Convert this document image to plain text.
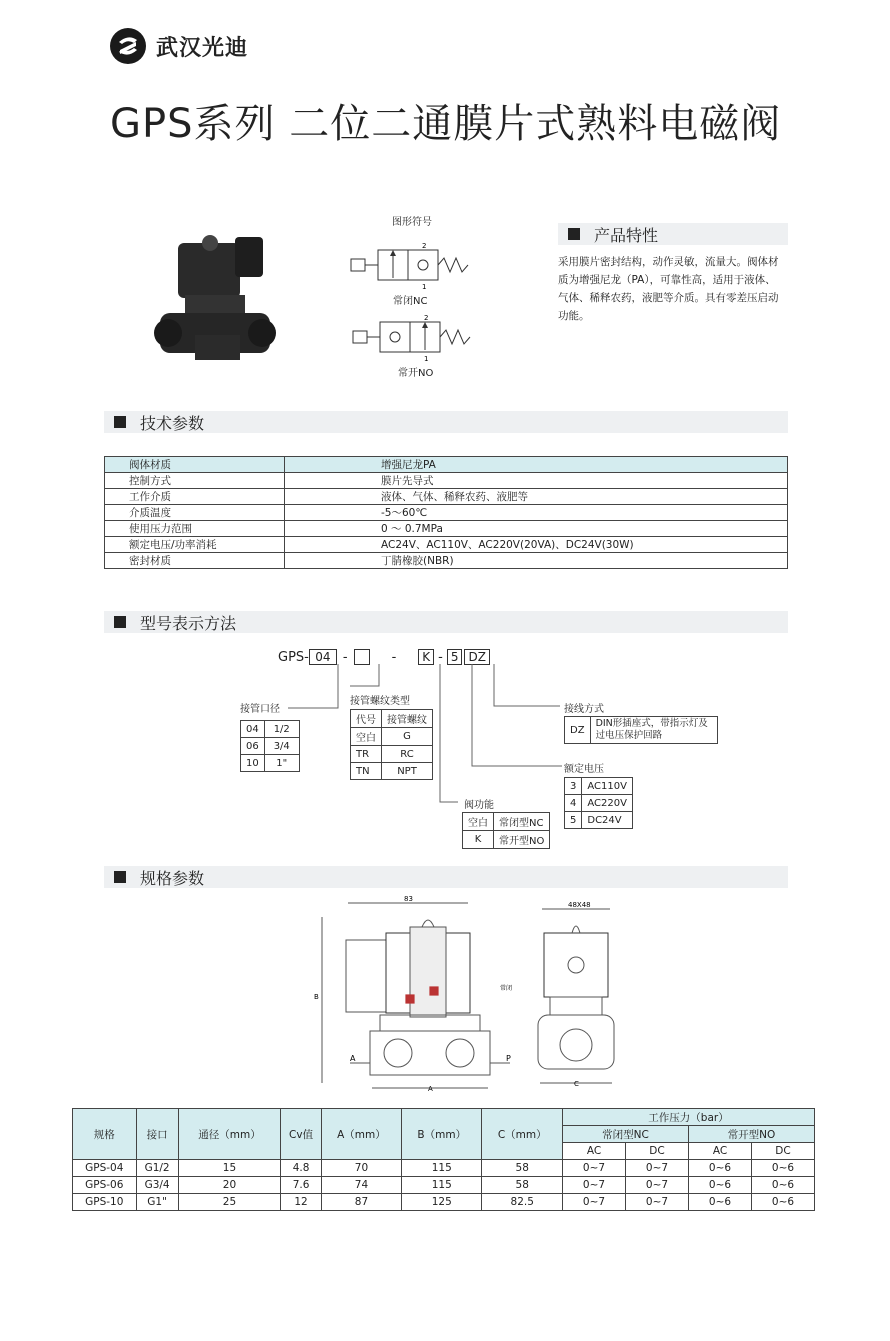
武汉光迪
GPS系列 二位二通膜片式熟料电磁阀
图形符号
2
1
常闭NC
2
1
常开NO
产品特性
采用膜片密封结构，动作灵敏，流量大。阀体材质为增强尼龙（PA），可靠性高，适用于液体、气体、稀释农药，液肥等介质。具有零差压启动功能。
技术参数
阀体材质	增强尼龙PA
控制方式	膜片先导式
工作介质	液体、气体、稀释农药、液肥等
介质温度	-5～60℃
使用压力范围	0 ～ 0.7MPa
额定电压/功率消耗	AC24V、AC110V、AC220V(20VA)、DC24V(30W)
密封材质	丁腈橡胶(NBR)
型号表示方法
GPS- 04 -	-	K - 5 DZ
接管口径
04	1/2
06	3/4
10	1"
接管螺纹类型
代号	接管螺纹
空白	G
TR	RC
TN	NPT
阀功能
空白	常闭型NC
K	常开型NO
接线方式
DZ	DIN形插座式，带指示灯及过电压保护回路
额定电压
3	AC110V
4	AC220V
5	DC24V
规格参数
83
48X48
B
A
C
P
A
常闭
规格	接口	通径（mm）	Cv值	A（mm）	B（mm）	C（mm）	工作压力（bar）			
							常闭型NC		常开型NO	
							AC	DC	AC	DC
GPS-04	G1/2	15	4.8	70	115	58	0~7	0~7	0~6	0~6
GPS-06	G3/4	20	7.6	74	115	58	0~7	0~7	0~6	0~6
GPS-10	G1"	25	12	87	125	82.5	0~7	0~7	0~6	0~6
